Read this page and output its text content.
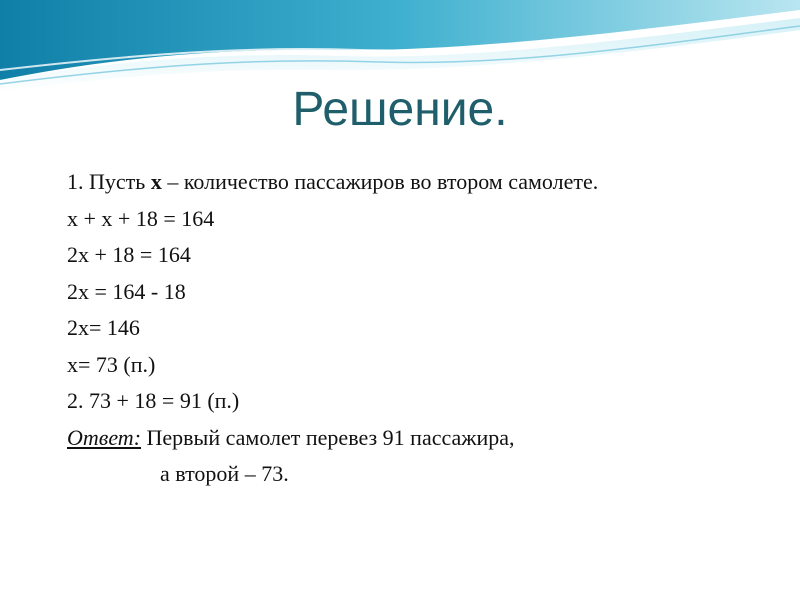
Решение.
1. Пусть x – количество пассажиров во втором самолете.
x + x + 18 = 164
2x + 18 = 164
2x = 164 - 18
2x= 146
x= 73 (п.)
2. 73 + 18 = 91 (п.)
Ответ: Первый самолет перевез 91 пассажира,
а второй – 73.
